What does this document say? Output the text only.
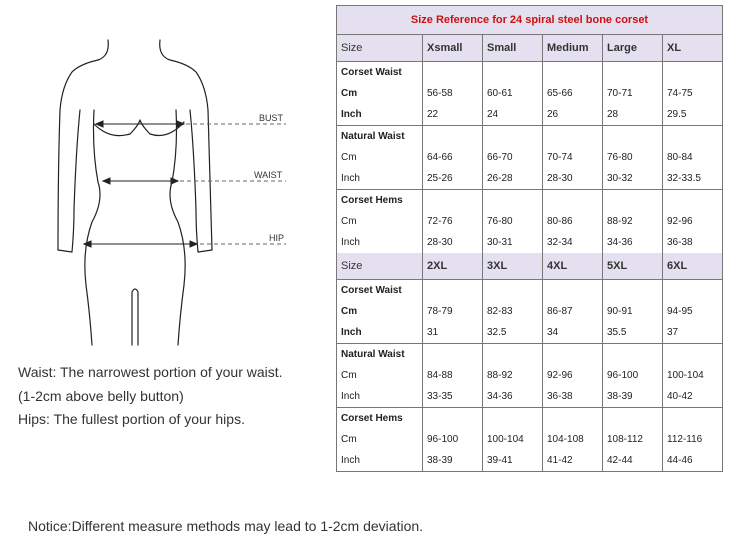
BUST
WAIST
HIP
Waist: The narrowest portion of your waist.
(1-2cm above belly button)
Hips: The fullest portion of your hips.
Notice:Different measure methods may lead to 1-2cm deviation.
Size Reference for 24 spiral steel bone corset					
Size	Xsmall	Small	Medium	Large	XL
Corset Waist					
Cm	56-58	60-61	65-66	70-71	74-75
Inch	22	24	26	28	29.5
Natural Waist					
Cm	64-66	66-70	70-74	76-80	80-84
Inch	25-26	26-28	28-30	30-32	32-33.5
Corset Hems					
Cm	72-76	76-80	80-86	88-92	92-96
Inch	28-30	30-31	32-34	34-36	36-38
Size	2XL	3XL	4XL	5XL	6XL
Corset Waist					
Cm	78-79	82-83	86-87	90-91	94-95
Inch	31	32.5	34	35.5	37
Natural Waist					
Cm	84-88	88-92	92-96	96-100	100-104
Inch	33-35	34-36	36-38	38-39	40-42
Corset Hems					
Cm	96-100	100-104	104-108	108-112	112-116
Inch	38-39	39-41	41-42	42-44	44-46
